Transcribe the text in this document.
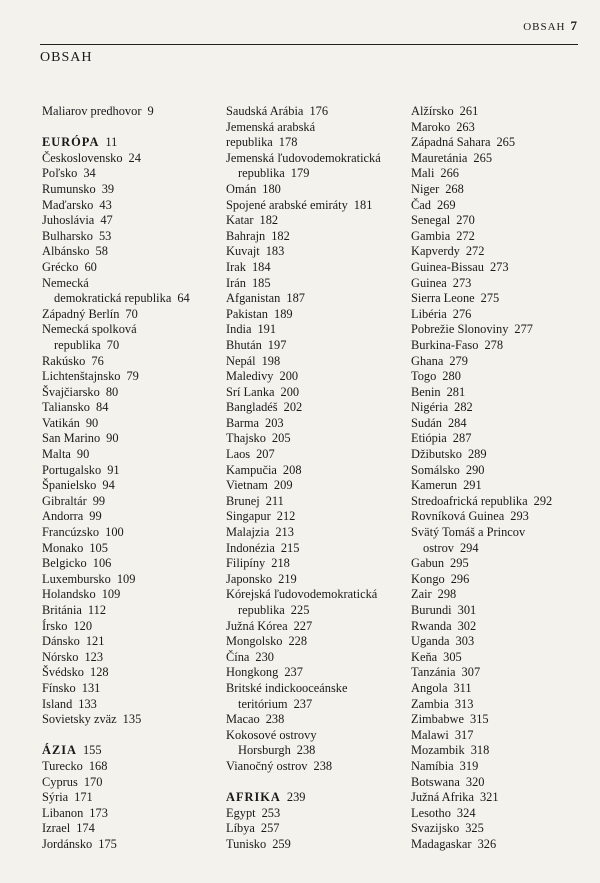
OBSAH 7
OBSAH
Maliarov predhovor 9
EURÓPA 11
Československo 24
Poľsko 34
Rumunsko 39
Maďarsko 43
Juhoslávia 47
Bulharsko 53
Albánsko 58
Grécko 60
Nemecká
demokratická republika 64
Západný Berlín 70
Nemecká spolková
republika 70
Rakúsko 76
Lichtenštajnsko 79
Švajčiarsko 80
Taliansko 84
Vatikán 90
San Marino 90
Malta 90
Portugalsko 91
Španielsko 94
Gibraltár 99
Andorra 99
Francúzsko 100
Monako 105
Belgicko 106
Luxembursko 109
Holandsko 109
Británia 112
Írsko 120
Dánsko 121
Nórsko 123
Švédsko 128
Fínsko 131
Island 133
Sovietsky zväz 135
ÁZIA 155
Turecko 168
Cyprus 170
Sýria 171
Libanon 173
Izrael 174
Jordánsko 175
Saudská Arábia 176
Jemenská arabská
republika 178
Jemenská ľudovodemokratická
republika 179
Omán 180
Spojené arabské emiráty 181
Katar 182
Bahrajn 182
Kuvajt 183
Irak 184
Irán 185
Afganistan 187
Pakistan 189
India 191
Bhután 197
Nepál 198
Maledivy 200
Srí Lanka 200
Bangladéš 202
Barma 203
Thajsko 205
Laos 207
Kampučia 208
Vietnam 209
Brunej 211
Singapur 212
Malajzia 213
Indonézia 215
Filipíny 218
Japonsko 219
Kórejská ľudovodemokratická
republika 225
Južná Kórea 227
Mongolsko 228
Čína 230
Hongkong 237
Britské indickooceánske
teritórium 237
Macao 238
Kokosové ostrovy
Horsburgh 238
Vianočný ostrov 238
AFRIKA 239
Egypt 253
Líbya 257
Tunisko 259
Alžírsko 261
Maroko 263
Západná Sahara 265
Mauretánia 265
Mali 266
Niger 268
Čad 269
Senegal 270
Gambia 272
Kapverdy 272
Guinea-Bissau 273
Guinea 273
Sierra Leone 275
Libéria 276
Pobrežie Slonoviny 277
Burkina-Faso 278
Ghana 279
Togo 280
Benin 281
Nigéria 282
Sudán 284
Etiópia 287
Džibutsko 289
Somálsko 290
Kamerun 291
Stredoafrická republika 292
Rovníková Guinea 293
Svätý Tomáš a Princov
ostrov 294
Gabun 295
Kongo 296
Zair 298
Burundi 301
Rwanda 302
Uganda 303
Keňa 305
Tanzánia 307
Angola 311
Zambia 313
Zimbabwe 315
Malawi 317
Mozambik 318
Namíbia 319
Botswana 320
Južná Afrika 321
Lesotho 324
Svazijsko 325
Madagaskar 326
